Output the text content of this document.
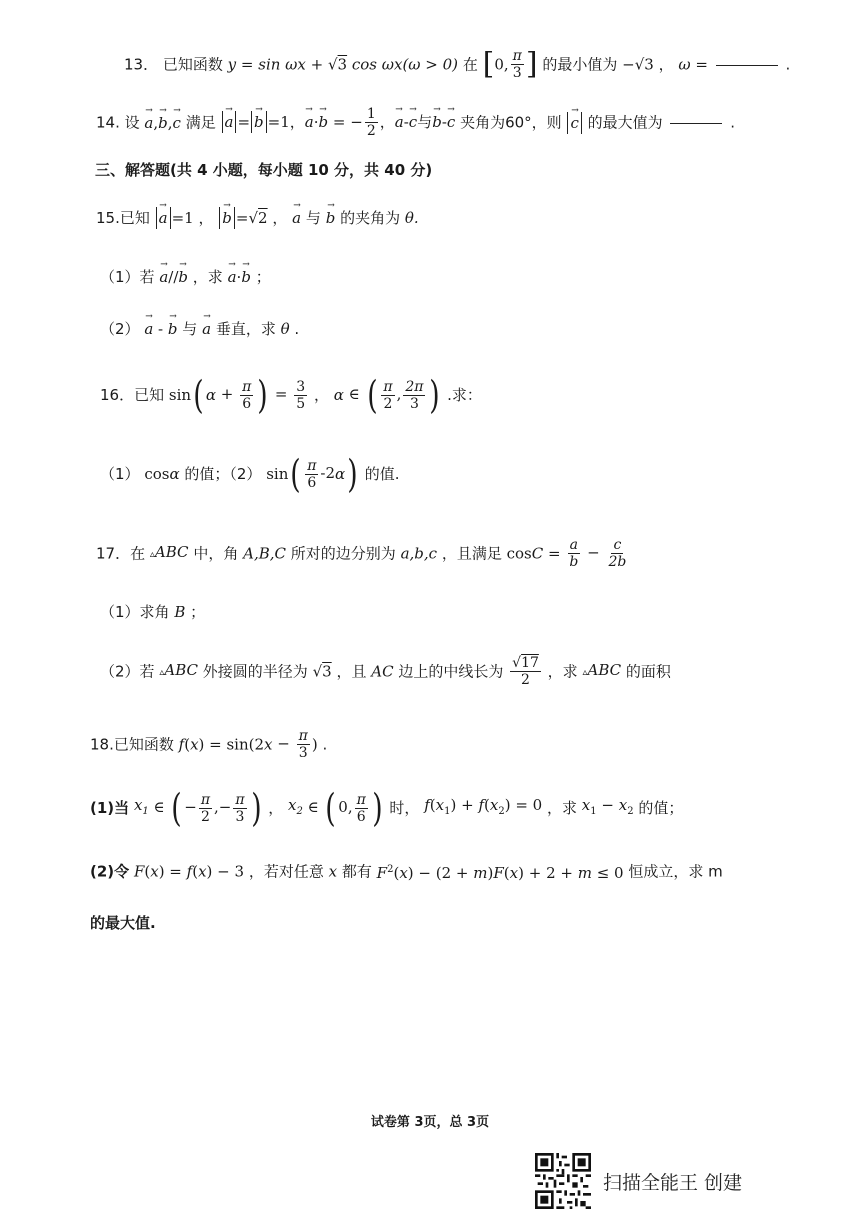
13． 已知函数 y = sin ωx + √3 cos ωx(ω > 0) 在 [0, $\frac{\pi}{3}$ ] 的最小值为 −√3 ， ω =	.
14. 设 → a,→ b,→ c 满足 → a = → b =1，→ a·→ b = − $\frac{1}{2}$ ，→ a-→ c与→ b-→ c 夹角为60°，则 → c 的最大值为	.
三、解答题(共 4 小题，每小题 10 分，共 40 分)
15.已知 → a =1 ， → b =√2 ， → a 与 → b 的夹角为 θ.
（1）若 → a//→ b ，求 → a·→ b ；
（2） → a - → b 与 → a 垂直，求 θ .
16．已知 sin( $\alpha + \frac{\pi}{6}$ ) = $\frac{3}{5}$ ， α ∈ ( $\frac{\pi}{2}$ , $\frac{2\pi}{3}$ ) .求：
（1） cosα 的值；（2） $\sin( \frac{\pi}{6} -2\alpha)$ 的值.
17．在 ▵ABC 中，角 A,B,C 所对的边分别为 a,b,c ，且满足 $\cos C = \frac{a}{b} - \frac{c}{2b}$
（1）求角 B ；
（2）若 ▵ABC 外接圆的半径为 √3 ，且 AC 边上的中线长为 $\frac{√17}{2}$ ，求 ▵ABC 的面积
18.已知函数 $f(x) = \sin(2x - \frac{\pi}{3}$ ) .
(1)当 $x_1$ ∈ ( − $\frac{\pi}{2}$ ,− $\frac{\pi}{3}$ ) ， $x_2$ ∈ ( 0, $\frac{\pi}{6}$ ) 时， $f(x_1) + f(x_2) = 0$ ，求 $x_1 - x_2$ 的值；
(2)令 F(x) = f(x) − 3 ，若对任意 x 都有 $F^2(x) - (2 + m)F(x) + 2 + m \le 0$ 恒成立，求 m
的最大值.
试卷第 3页，总 3页
扫描全能王 创建
